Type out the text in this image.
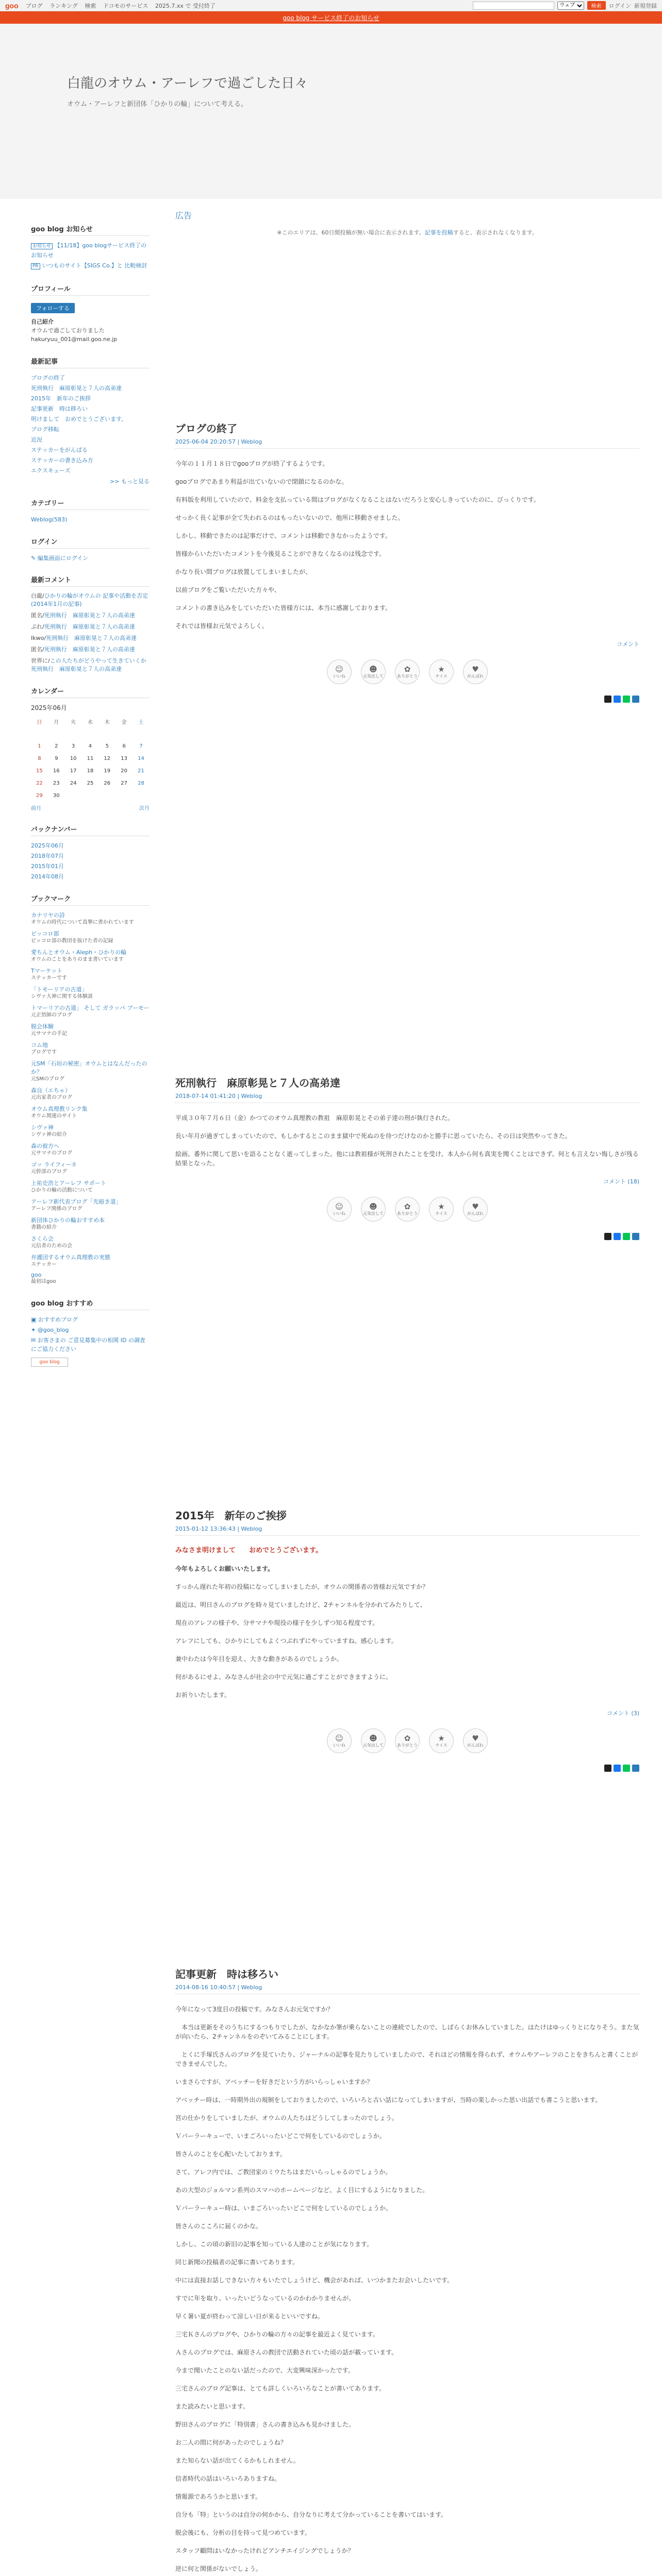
goo ブログ ランキング 検索 ドコモのサービス 2025.7.xx で 受付終了
ウェブ	検索	ログイン 新規登録
goo blog サービス終了のお知らせ
白龍のオウム・アーレフで過ごした日々
オウム・アーレフと新団体「ひかりの輪」について考える。
goo blog お知らせ
お知らせ 【11/18】goo blogサービス終了のお知らせ
PR いつものサイト【SIGS Co.】と 比較検討
プロフィール
フォローする
自己紹介
オウムで過ごしておりました
hakuryuu_001@mail.goo.ne.jp
最新記事
ブログの終了
死刑執行　麻原彰晃と７人の高弟達
2015年　新年のご挨拶
記事更新　時は移ろい
明けまして　おめでとうございます。
ブログ移転
近況
ステッカーをがんばる
ステッカーの書き込み方
エクスキューズ
>> もっと見る
カテゴリー
Weblog(583)
ログイン
✎ 編集画面にログイン
最新コメント
白龍/ひかりの輪がオウムの 記事や活動を否定(2014年1月の記事)
匿名/死刑執行　麻原彰晃と７人の高弟達
ぷれ/死刑執行　麻原彰晃と７人の高弟達
Ikwo/死刑執行　麻原彰晃と７人の高弟達
匿名/死刑執行　麻原彰晃と７人の高弟達
世界に/この人たちがどうやって生きていくか 死刑執行　麻原彰晃と７人の高弟達
カレンダー
2025年06月
日	月	火	水	木	金	土

1	2	3	4	5	6	7
8	9	10	11	12	13	14
15	16	17	18	19	20	21
22	23	24	25	26	27	28
29	30					
前月	次月
バックナンバー
2025年06月
2018年07月
2015年01月
2014年08月
ブックマーク
カナリヤの詩
オウムの時代について真摯に書かれています
ピッコロ部
ピッコロ部の教団を抜けた者の記録
愛ちんとオウム・Aleph・ひかりの輪
オウムのことをありのまま書いています
Tマーケット
ステッカーです
「トモーリアの古道」
シヴァ大神に関する体験談
トマーリアの古道」 そして ガラッパ ブーモー
元正悟師のブログ
脱会体験
元サマナの手記
コム地
ブログです
元SM「石垣の秘密」オウムとはなんだったのか？
元SMのブログ
森良（エちゃ）
元出家者のブログ
オウム真理教リンク集
オウム関連のサイト
シヴァ神
シヴァ神の紹介
森の彼方へ
元サマナのブログ
ゴッ ライフィーネ
元幹部のブログ
上祐史浩とアーレフ サポート
ひかりの輪の活動について
アーレフ新代表ブログ「先暗き道」
アーレフ関係のブログ
新団体ひかりの輪おすすめ本
書籍の紹介
さくら会
元信者のための会
弁護団するオウム真理教の実態
ステッカー
goo
最初はgoo
goo blog おすすめ
▣ おすすめブログ
✦ @goo_blog
✉ お客さまの ご意見募集中の相関 ID の調査にご協力ください
goo blog
広告
※このエリアは、60日間投稿が無い場合に表示されます。記事を投稿すると、表示されなくなります。
ブログの終了
2025-06-04 20:20:57 | Weblog

今年の１１月１８日でgooブログが終了するようです。

gooブログであまり利益が出ていないので閉鎖になるのかな。

有料版を利用していたので、料金を支払っている間はブログがなくなることはないだろうと安心しきっていたのに、びっくりです。

せっかく長く記事が全て失われるのはもったいないので、他所に移動させました。

しかし、移動できたのは記事だけで、コメントは移動できなかったようです。

皆様からいただいたコメントを今後見ることができなくなるのは残念です。

かなり長い間ブログは放置してしまいましたが、

以前ブログをご覧いただいた方々や、

コメントの書き込みをしていただいた皆様方には、本当に感謝しております。

それでは皆様お元気でよろしく。

コメント
☺
いいね
☻
元気出して
✿
ありがとう
★
ナイス
♥
がんばれ
死刑執行　麻原彰晃と７人の高弟達
2018-07-14 01:41:20 | Weblog

平成３０年７月６日（金）かつてのオウム真理教の教祖　麻原彰晃とその弟子達の刑が執行された。

長い年月が過ぎてしまっていたので、もしかするとこのまま獄中で死ぬのを待つだけなのかと勝手に思っていたら、その日は突然やってきた。

絵画、番外に関して思いを語ることなく逝ってしまった。他には教祖様が死刑されたことを受け、本人から何も真実を聞くことはできず。何とも言えない悔しさが残る結果となった。

コメント (18)
☺
いいね
☻
元気出して
✿
ありがとう
★
ナイス
♥
がんばれ
2015年　新年のご挨拶
2015-01-12 13:36:43 | Weblog

みなさま明けまして　　おめでとうございます。

今年もよろしくお願いいたします。

すっかん遅れた年初の投稿になってしまいましたが、オウムの関係者の皆様お元気ですか？

最近は、明日さんのブログを時々見ていましたけど、2チャンネルを分かれてみたりして、

現在のアレフの様子や、分サマナや現役の様子を少しずつ知る程度です。

アレフにしても、ひかりにしてもよくつぶれずにやっていますね。感心します。

兼中わたは今年目を迎え、大きな動きがあるのでしょうか。

何があるにせよ、みなさんが社会の中で元気に過ごすことができますように。

お祈りいたします。

コメント (3)
☺
いいね
☻
元気出して
✿
ありがとう
★
ナイス
♥
がんばれ
記事更新　時は移ろい
2014-08-16 10:40:57 | Weblog

今年になって3度目の投稿です。みなさんお元気ですか？

　本当は更新をそのうちにするつもりでしたが、なかなか筆が乗らないことの連続でしたので、しばらくお休みしていました。はたけはゆっくりとになりそう。また気が向いたら、2チャンネルをのぞいてみることにします。

　とくに手塚氏さんのブログを見ていたり、ジャーナルの記事を見たりしていましたので、それほどの情報を得られず、オウムやアーレフのことをきちんと書くことができませんでした。

いまさらですが、アベッチーを好きだという方がいらっしゃいますか？

アベッチー時は、一時期外出の規制をしておりましたので、いろいろと古い話になってしまいますが、当時の楽しかった思い出話でも書こうと思います。

宮の仕かりをしていましたが、オウムの人たちはどうしてしまったのでしょう。

Ｖパーラーキューで、いまごろいったいどこで何をしているのでしょうか。

皆さんのことを心配いたしております。

さて、アレフ内では、ご教団家のミウたちはまだいらっしゃるのでしょうか。

あの大型のジョルマン系列のスマハのホームページなど、よく目にするようになりました。

Ｖパーラーキュー時は、いまごろいったいどこで何をしているのでしょうか。

皆さんのこころに届くのかな。

しかし、この頃の新旧の記事を知っている人達のことが気になります。

同じ新聞の投稿者の記事に書いてあります。

中には直接お話しできない方々もいたでしょうけど、機会があれば、いつかまたお会いしたいです。

すでに年を取り、いったいどうなっているのかわかりませんが。

早く暑い夏が終わって涼しい日が来るといいですね。

三宅Ｋさんのブログや、ひかりの輪の方々の記事を最近よく見ています。

Ａさんのブログでは、麻原さんの教団で活動されていた頃の話が載っています。

今まで聞いたことのない話だったので、大変興味深かったです。

三宅さんのブログ記事は、とても詳しくいろいろなことが書いてあります。

また読みたいと思います。

野田さんのブログに「特別書」さんの書き込みも見かけました。

お二人の間に何があったのでしょうね？

また知らない話が出てくるかもしれません。

信者時代の話はいろいろありますね。

情報源であろうかと思います。

自分も「特」というのは自分の何かから、自分なりに考えて分かっていることを書いてはいます。

脱会後にも、分析の目を持って見つめています。

スタッフ顧問はいなかったけれどアンチエイジングでしょうか？

逆に何と関係がないでしょう。
